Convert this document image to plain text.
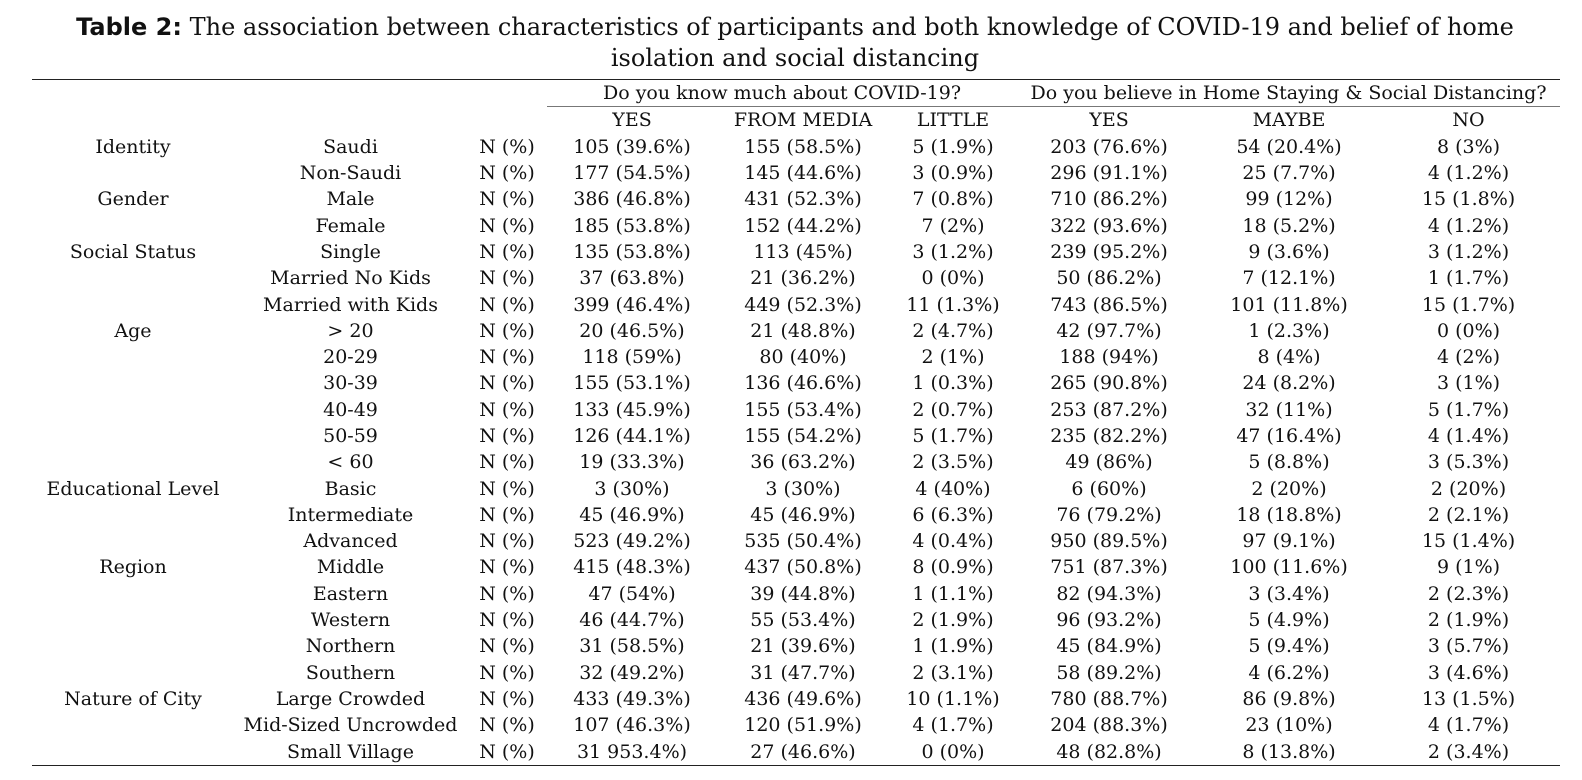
Table 2: The association between characteristics of participants and both knowledge of COVID-19 and belief of home isolation and social distancing
			Do you know much about COVID-19?			Do you believe in Home Staying & Social Distancing?		
			YES	FROM MEDIA	LITTLE	YES	MAYBE	NO
Identity	Saudi	N (%)	105 (39.6%)	155 (58.5%)	5 (1.9%)	203 (76.6%)	54 (20.4%)	8 (3%)
	Non-Saudi	N (%)	177 (54.5%)	145 (44.6%)	3 (0.9%)	296 (91.1%)	25 (7.7%)	4 (1.2%)
Gender	Male	N (%)	386 (46.8%)	431 (52.3%)	7 (0.8%)	710 (86.2%)	99 (12%)	15 (1.8%)
	Female	N (%)	185 (53.8%)	152 (44.2%)	7 (2%)	322 (93.6%)	18 (5.2%)	4 (1.2%)
Social Status	Single	N (%)	135 (53.8%)	113 (45%)	3 (1.2%)	239 (95.2%)	9 (3.6%)	3 (1.2%)
	Married No Kids	N (%)	37 (63.8%)	21 (36.2%)	0 (0%)	50 (86.2%)	7 (12.1%)	1 (1.7%)
	Married with Kids	N (%)	399 (46.4%)	449 (52.3%)	11 (1.3%)	743 (86.5%)	101 (11.8%)	15 (1.7%)
Age	> 20	N (%)	20 (46.5%)	21 (48.8%)	2 (4.7%)	42 (97.7%)	1 (2.3%)	0 (0%)
	20-29	N (%)	118 (59%)	80 (40%)	2 (1%)	188 (94%)	8 (4%)	4 (2%)
	30-39	N (%)	155 (53.1%)	136 (46.6%)	1 (0.3%)	265 (90.8%)	24 (8.2%)	3 (1%)
	40-49	N (%)	133 (45.9%)	155 (53.4%)	2 (0.7%)	253 (87.2%)	32 (11%)	5 (1.7%)
	50-59	N (%)	126 (44.1%)	155 (54.2%)	5 (1.7%)	235 (82.2%)	47 (16.4%)	4 (1.4%)
	< 60	N (%)	19 (33.3%)	36 (63.2%)	2 (3.5%)	49 (86%)	5 (8.8%)	3 (5.3%)
Educational Level	Basic	N (%)	3 (30%)	3 (30%)	4 (40%)	6 (60%)	2 (20%)	2 (20%)
	Intermediate	N (%)	45 (46.9%)	45 (46.9%)	6 (6.3%)	76 (79.2%)	18 (18.8%)	2 (2.1%)
	Advanced	N (%)	523 (49.2%)	535 (50.4%)	4 (0.4%)	950 (89.5%)	97 (9.1%)	15 (1.4%)
Region	Middle	N (%)	415 (48.3%)	437 (50.8%)	8 (0.9%)	751 (87.3%)	100 (11.6%)	9 (1%)
	Eastern	N (%)	47 (54%)	39 (44.8%)	1 (1.1%)	82 (94.3%)	3 (3.4%)	2 (2.3%)
	Western	N (%)	46 (44.7%)	55 (53.4%)	2 (1.9%)	96 (93.2%)	5 (4.9%)	2 (1.9%)
	Northern	N (%)	31 (58.5%)	21 (39.6%)	1 (1.9%)	45 (84.9%)	5 (9.4%)	3 (5.7%)
	Southern	N (%)	32 (49.2%)	31 (47.7%)	2 (3.1%)	58 (89.2%)	4 (6.2%)	3 (4.6%)
Nature of City	Large Crowded	N (%)	433 (49.3%)	436 (49.6%)	10 (1.1%)	780 (88.7%)	86 (9.8%)	13 (1.5%)
	Mid-Sized Uncrowded	N (%)	107 (46.3%)	120 (51.9%)	4 (1.7%)	204 (88.3%)	23 (10%)	4 (1.7%)
	Small Village	N (%)	31 953.4%)	27 (46.6%)	0 (0%)	48 (82.8%)	8 (13.8%)	2 (3.4%)
